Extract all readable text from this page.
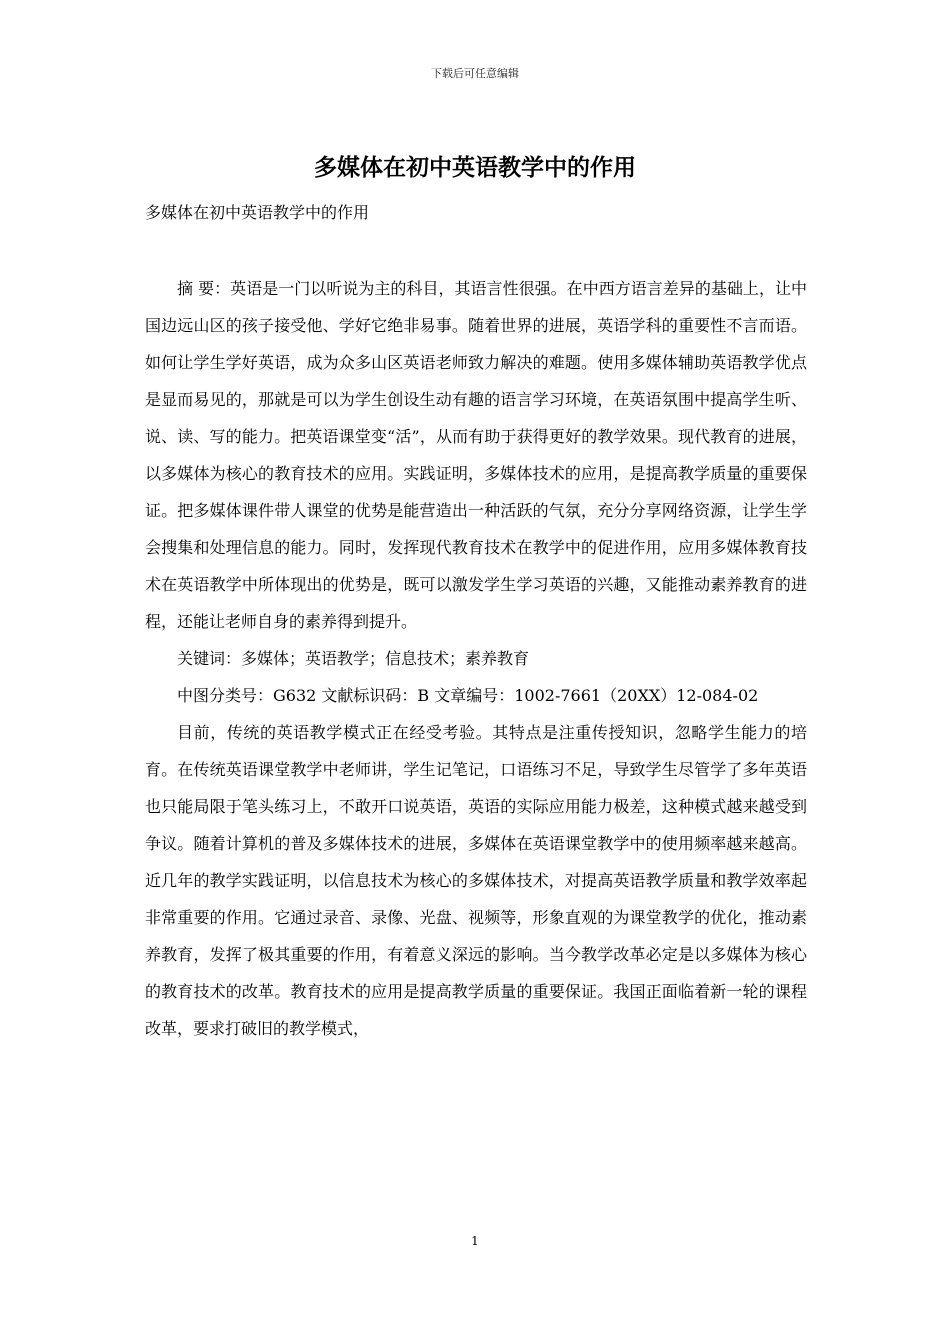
下载后可任意编辑
多媒体在初中英语教学中的作用
多媒体在初中英语教学中的作用

摘 要：英语是一门以听说为主的科目，其语言性很强。在中西方语言差异的基础上，让中国边远山区的孩子接受他、学好它绝非易事。随着世界的进展，英语学科的重要性不言而语。如何让学生学好英语，成为众多山区英语老师致力解决的难题。使用多媒体辅助英语教学优点是显而易见的，那就是可以为学生创设生动有趣的语言学习环境，在英语氛围中提高学生听、说、读、写的能力。把英语课堂变“活”，从而有助于获得更好的教学效果。现代教育的进展，以多媒体为核心的教育技术的应用。实践证明，多媒体技术的应用，是提高教学质量的重要保证。把多媒体课件带人课堂的优势是能营造出一种活跃的气氛，充分分享网络资源，让学生学会搜集和处理信息的能力。同时，发挥现代教育技术在教学中的促进作用，应用多媒体教育技术在英语教学中所体现出的优势是，既可以激发学生学习英语的兴趣，又能推动素养教育的进程，还能让老师自身的素养得到提升。

关键词：多媒体；英语教学；信息技术；素养教育

中图分类号：G632 文献标识码：B 文章编号：1002-7661（20XX）12-084-02

目前，传统的英语教学模式正在经受考验。其特点是注重传授知识，忽略学生能力的培育。在传统英语课堂教学中老师讲，学生记笔记，口语练习不足，导致学生尽管学了多年英语也只能局限于笔头练习上，不敢开口说英语，英语的实际应用能力极差，这种模式越来越受到争议。随着计算机的普及多媒体技术的进展，多媒体在英语课堂教学中的使用频率越来越高。近几年的教学实践证明，以信息技术为核心的多媒体技术，对提高英语教学质量和教学效率起非常重要的作用。它通过录音、录像、光盘、视频等，形象直观的为课堂教学的优化，推动素养教育，发挥了极其重要的作用，有着意义深远的影响。当今教学改革必定是以多媒体为核心的教育技术的改革。教育技术的应用是提高教学质量的重要保证。我国正面临着新一轮的课程改革，要求打破旧的教学模式，

1
